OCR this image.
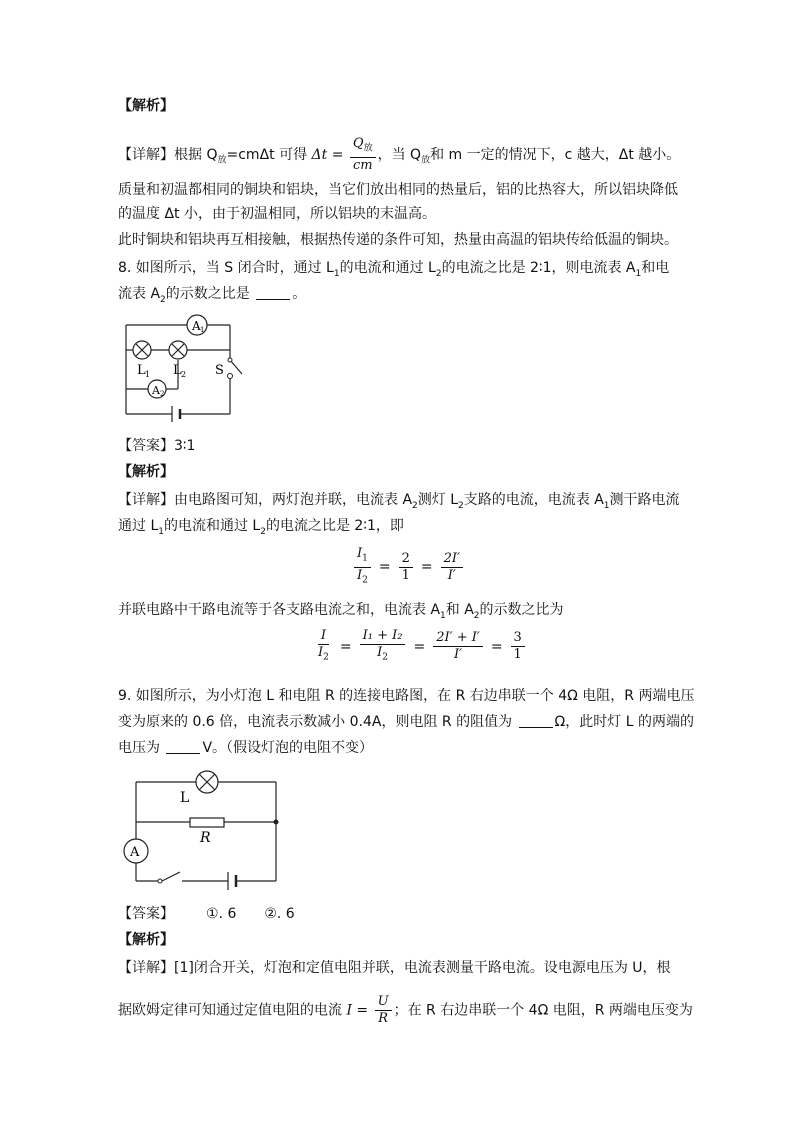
【解析】
【详解】根据 $Q_放=cm\Delta t$ 可得 $\Delta t = \frac{Q_放}{cm}$ ，当 $Q_放$和 m 一定的情况下，c 越大，Δt 越小。
质量和初温都相同的铜块和铝块，当它们放出相同的热量后，铝的比热容大，所以铝块降低
的温度 Δt 小，由于初温相同，所以铝块的末温高。
此时铜块和铝块再互相接触，根据热传递的条件可知，热量由高温的铝块传给低温的铜块。
8. 如图所示，当 S 闭合时，通过 $L_1$的电流和通过 $L_2$的电流之比是 2∶1，则电流表 $A_1$和电
流表 $A_2$的示数之比是	。
A 1
A 2
L 1 L 2 S
【答案】3∶1
【解析】
【详解】由电路图可知，两灯泡并联，电流表 $A_2$测灯 $L_2$支路的电流，电流表 $A_1$测干路电流
通过 $L_1$的电流和通过 $L_2$的电流之比是 2∶1，即
$\frac{I_1}{I_2} = \frac{2}{1} = \frac{2I'}{I'}$
并联电路中干路电流等于各支路电流之和，电流表 $A_1$和 $A_2$的示数之比为
$\frac{I}{I_2} = \frac{\text{I₁ + I₂}}{I_2} = \frac{2I' + I'}{I'} = \frac{3}{1}$
9. 如图所示，为小灯泡 L 和电阻 R 的连接电路图，在 R 右边串联一个 4Ω 电阻，R 两端电压
变为原来的 0.6 倍，电流表示数减小 0.4A，则电阻 R 的阻值为	Ω，此时灯 L 的两端的
电压为	V。（假设灯泡的电阻不变）
A
L
R
【答案】 ①. 6 ②. 6
【解析】
【详解】[1]闭合开关，灯泡和定值电阻并联，电流表测量干路电流。设电源电压为 U，根
据欧姆定律可知通过定值电阻的电流 $I = \frac{U}{R}$ ；在 R 右边串联一个 4Ω 电阻，R 两端电压变为
